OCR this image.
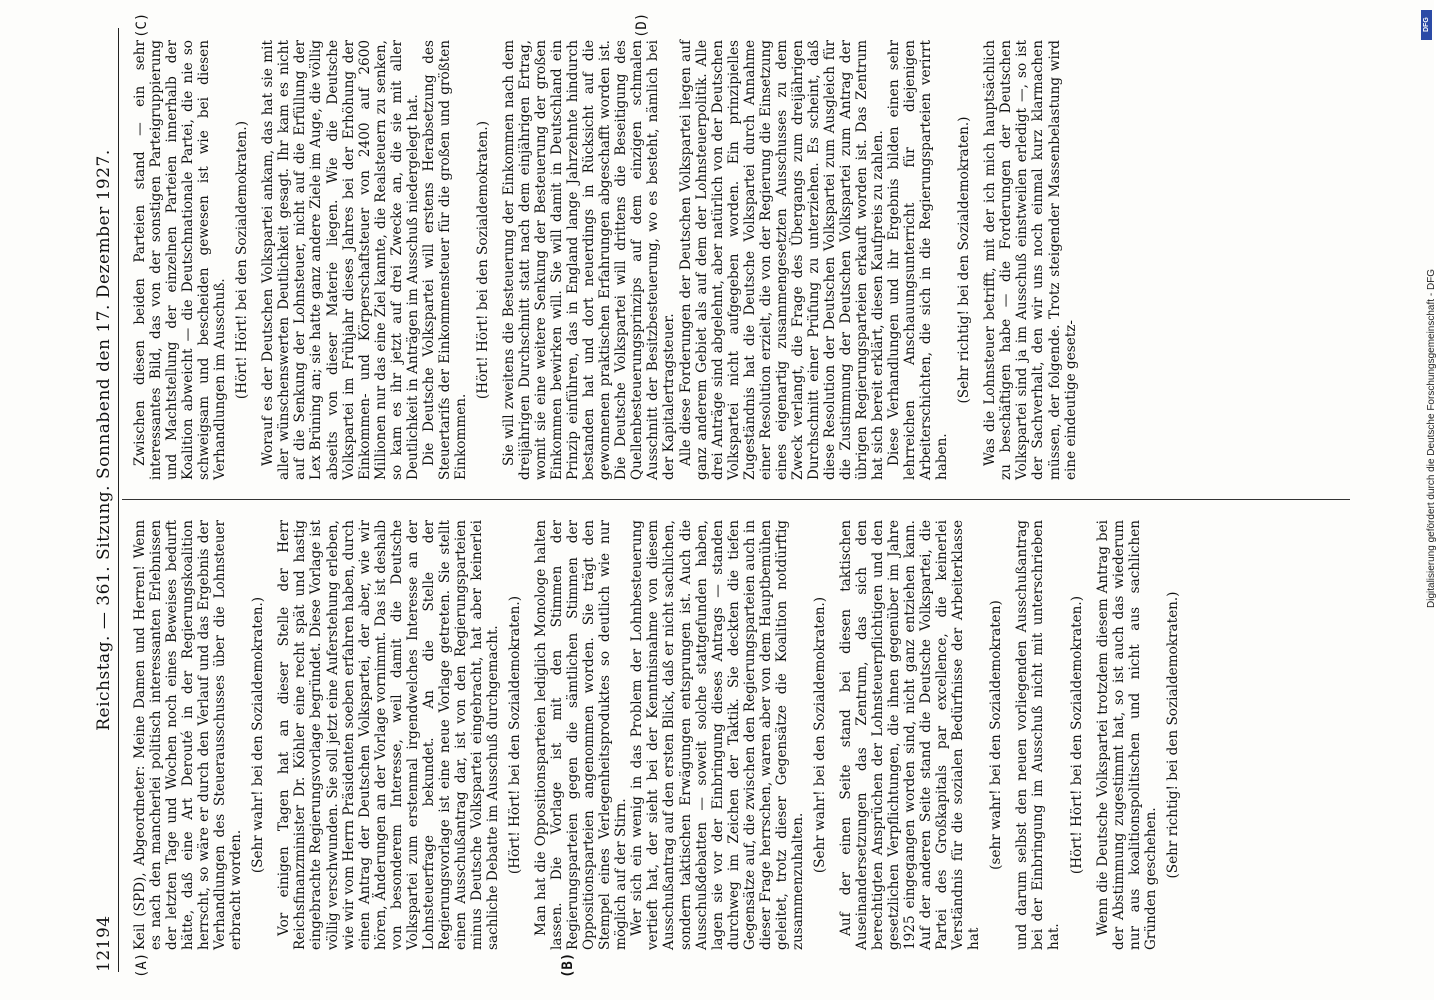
12194
Reichstag. — 361. Sitzung. Sonnabend den 17. Dezember 1927.
(A)	(B)
(C)	(D)

Keil (SPD), Abgeordneter: Meine Damen und Herren! Wenn es nach den mancherlei politisch interessanten Erlebnissen der letzten Tage und Wochen noch eines Beweises bedurft hätte, daß eine Art Derouté in der Regierungskoalition herrscht, so wäre er durch den Verlauf und das Ergebnis der Verhandlungen des Steuerausschusses über die Lohnsteuer erbracht worden.

(Sehr wahr! bei den Sozialdemokraten.) Vor einigen Tagen hat an dieser Stelle der Herr Reichsfinanzminister Dr. Köhler eine recht spät und hastig eingebrachte Regierungsvorlage begründet. Diese Vorlage ist völlig verschwunden. Sie soll jetzt eine Auferstehung erleben, wie wir vom Herrn Präsidenten soeben erfahren haben, durch einen Antrag der Deutschen Volkspartei, der aber, wie wir hören, Änderungen an der Vorlage vornimmt. Das ist deshalb von besonderem Interesse, weil damit die Deutsche Volkspartei zum erstenmal irgendwelches Interesse an der Lohnsteuerfrage bekundet. An die Stelle der Regierungsvorlage ist eine neue Vorlage getreten. Sie stellt einen Ausschußantrag dar, ist von den Regierungsparteien minus Deutsche Volkspartei eingebracht, hat aber keinerlei sachliche Debatte im Ausschuß durchgemacht. (Hört! Hört! bei den Sozialdemokraten.) Man hat die Oppositionsparteien lediglich Monologe halten lassen. Die Vorlage ist mit den Stimmen der Regierungsparteien gegen die sämtlichen Stimmen der Oppositionsparteien angenommen worden. Sie trägt den Stempel eines Verlegenheitsproduktes so deutlich wie nur möglich auf der Stirn. Wer sich ein wenig in das Problem der Lohnbesteuerung vertieft hat, der sieht bei der Kenntnisnahme von diesem Ausschußantrag auf den ersten Blick, daß er nicht sachlichen, sondern taktischen Erwägungen entsprungen ist. Auch die Ausschußdebatten — soweit solche stattgefunden haben, lagen sie vor der Einbringung dieses Antrags — standen durchweg im Zeichen der Taktik. Sie deckten die tiefen Gegensätze auf, die zwischen den Regierungsparteien auch in dieser Frage herrschen, waren aber von dem Hauptbemühen geleitet, trotz dieser Gegensätze die Koalition notdürftig zusammenzuhalten.

(Sehr wahr! bei den Sozialdemokraten.) Auf der einen Seite stand bei diesen taktischen Auseinandersetzungen das Zentrum, das sich den berechtigten Ansprüchen der Lohnsteuerpflichtigen und den gesetzlichen Verpflichtungen, die ihnen gegenüber im Jahre 1925 eingegangen worden sind, nicht ganz entziehen kann. Auf der anderen Seite stand die Deutsche Volkspartei, die Partei des Großkapitals par excellence, die keinerlei Verständnis für die sozialen Bedürfnisse der Arbeiterklasse hat

(sehr wahr! bei den Sozialdemokraten) und darum selbst den neuen vorliegenden Ausschußantrag bei der Einbringung im Ausschuß nicht mit unterschrieben hat.

(Hört! Hört! bei den Sozialdemokraten.) Wenn die Deutsche Volkspartei trotzdem diesem Antrag bei der Abstimmung zugestimmt hat, so ist auch das wiederum nur aus koalitionspolitischen und nicht aus sachlichen Gründen geschehen.

(Sehr richtig! bei den Sozialdemokraten.)

Zwischen diesen beiden Parteien stand — ein sehr interessantes Bild, das von der sonstigen Parteigruppierung und Machtstellung der einzelnen Parteien innerhalb der Koalition abweicht — die Deutschnationale Partei, die nie so schweigsam und bescheiden gewesen ist wie bei diesen Verhandlungen im Ausschuß. (Hört! Hört! bei den Sozialdemokraten.) Worauf es der Deutschen Volkspartei ankam, das hat sie mit aller wünschenswerten Deutlichkeit gesagt. Ihr kam es nicht auf die Senkung der Lohnsteuer, nicht auf die Erfüllung der Lex Brüning an; sie hatte ganz andere Ziele im Auge, die völlig abseits von dieser Materie liegen. Wie die Deutsche Volkspartei im Frühjahr dieses Jahres bei der Erhöhung der Einkommen- und Körperschaftsteuer von 2400 auf 2600 Millionen nur das eine Ziel kannte, die Realsteuern zu senken, so kam es ihr jetzt auf drei Zwecke an, die sie mit aller Deutlichkeit in Anträgen im Ausschuß niedergelegt hat. Die Deutsche Volkspartei will erstens Herabsetzung des Steuertarifs der Einkommensteuer für die großen und größten Einkommen.

(Hört! Hört! bei den Sozialdemokraten.) Sie will zweitens die Besteuerung der Einkommen nach dem dreijährigen Durchschnitt statt nach dem einjährigen Ertrag, womit sie eine weitere Senkung der Besteuerung der großen Einkommen bewirken will. Sie will damit in Deutschland ein Prinzip einführen, das in England lange Jahrzehnte hindurch bestanden hat und dort neuerdings in Rücksicht auf die gewonnenen praktischen Erfahrungen abgeschafft worden ist. Die Deutsche Volkspartei will drittens die Beseitigung des Quellenbesteuerungsprinzips auf dem einzigen schmalen Ausschnitt der Besitzbesteuerung, wo es besteht, nämlich bei der Kapitalertragsteuer. Alle diese Forderungen der Deutschen Volkspartei liegen auf ganz anderem Gebiet als auf dem der Lohnsteuerpolitik. Alle drei Anträge sind abgelehnt, aber natürlich von der Deutschen Volkspartei nicht aufgegeben worden. Ein prinzipielles Zugeständnis hat die Deutsche Volkspartei durch Annahme einer Resolution erzielt, die von der Regierung die Einsetzung eines eigenartig zusammengesetzten Ausschusses zu dem Zweck verlangt, die Frage des Übergangs zum dreijährigen Durchschnitt einer Prüfung zu unterziehen. Es scheint, daß diese Resolution der Deutschen Volkspartei zum Ausgleich für die Zustimmung der Deutschen Volkspartei zum Antrag der übrigen Regierungsparteien erkauft worden ist. Das Zentrum hat sich bereit erklärt, diesen Kaufpreis zu zahlen. Diese Verhandlungen und ihr Ergebnis bilden einen sehr lehrreichen Anschauungsunterricht für diejenigen Arbeiterschichten, die sich in die Regierungsparteien verirrt haben.

(Sehr richtig! bei den Sozialdemokraten.) Was die Lohnsteuer betrifft, mit der ich mich hauptsächlich zu beschäftigen habe — die Forderungen der Deutschen Volkspartei sind ja im Ausschuß einstweilen erledigt —, so ist der Sachverhalt, den wir uns noch einmal kurz klarmachen müssen, der folgende. Trotz steigender Massenbelastung wird eine eindeutige gesetz-

DFG
Digitalisierung gefördert durch die Deutsche Forschungsgemeinschaft - DFG
